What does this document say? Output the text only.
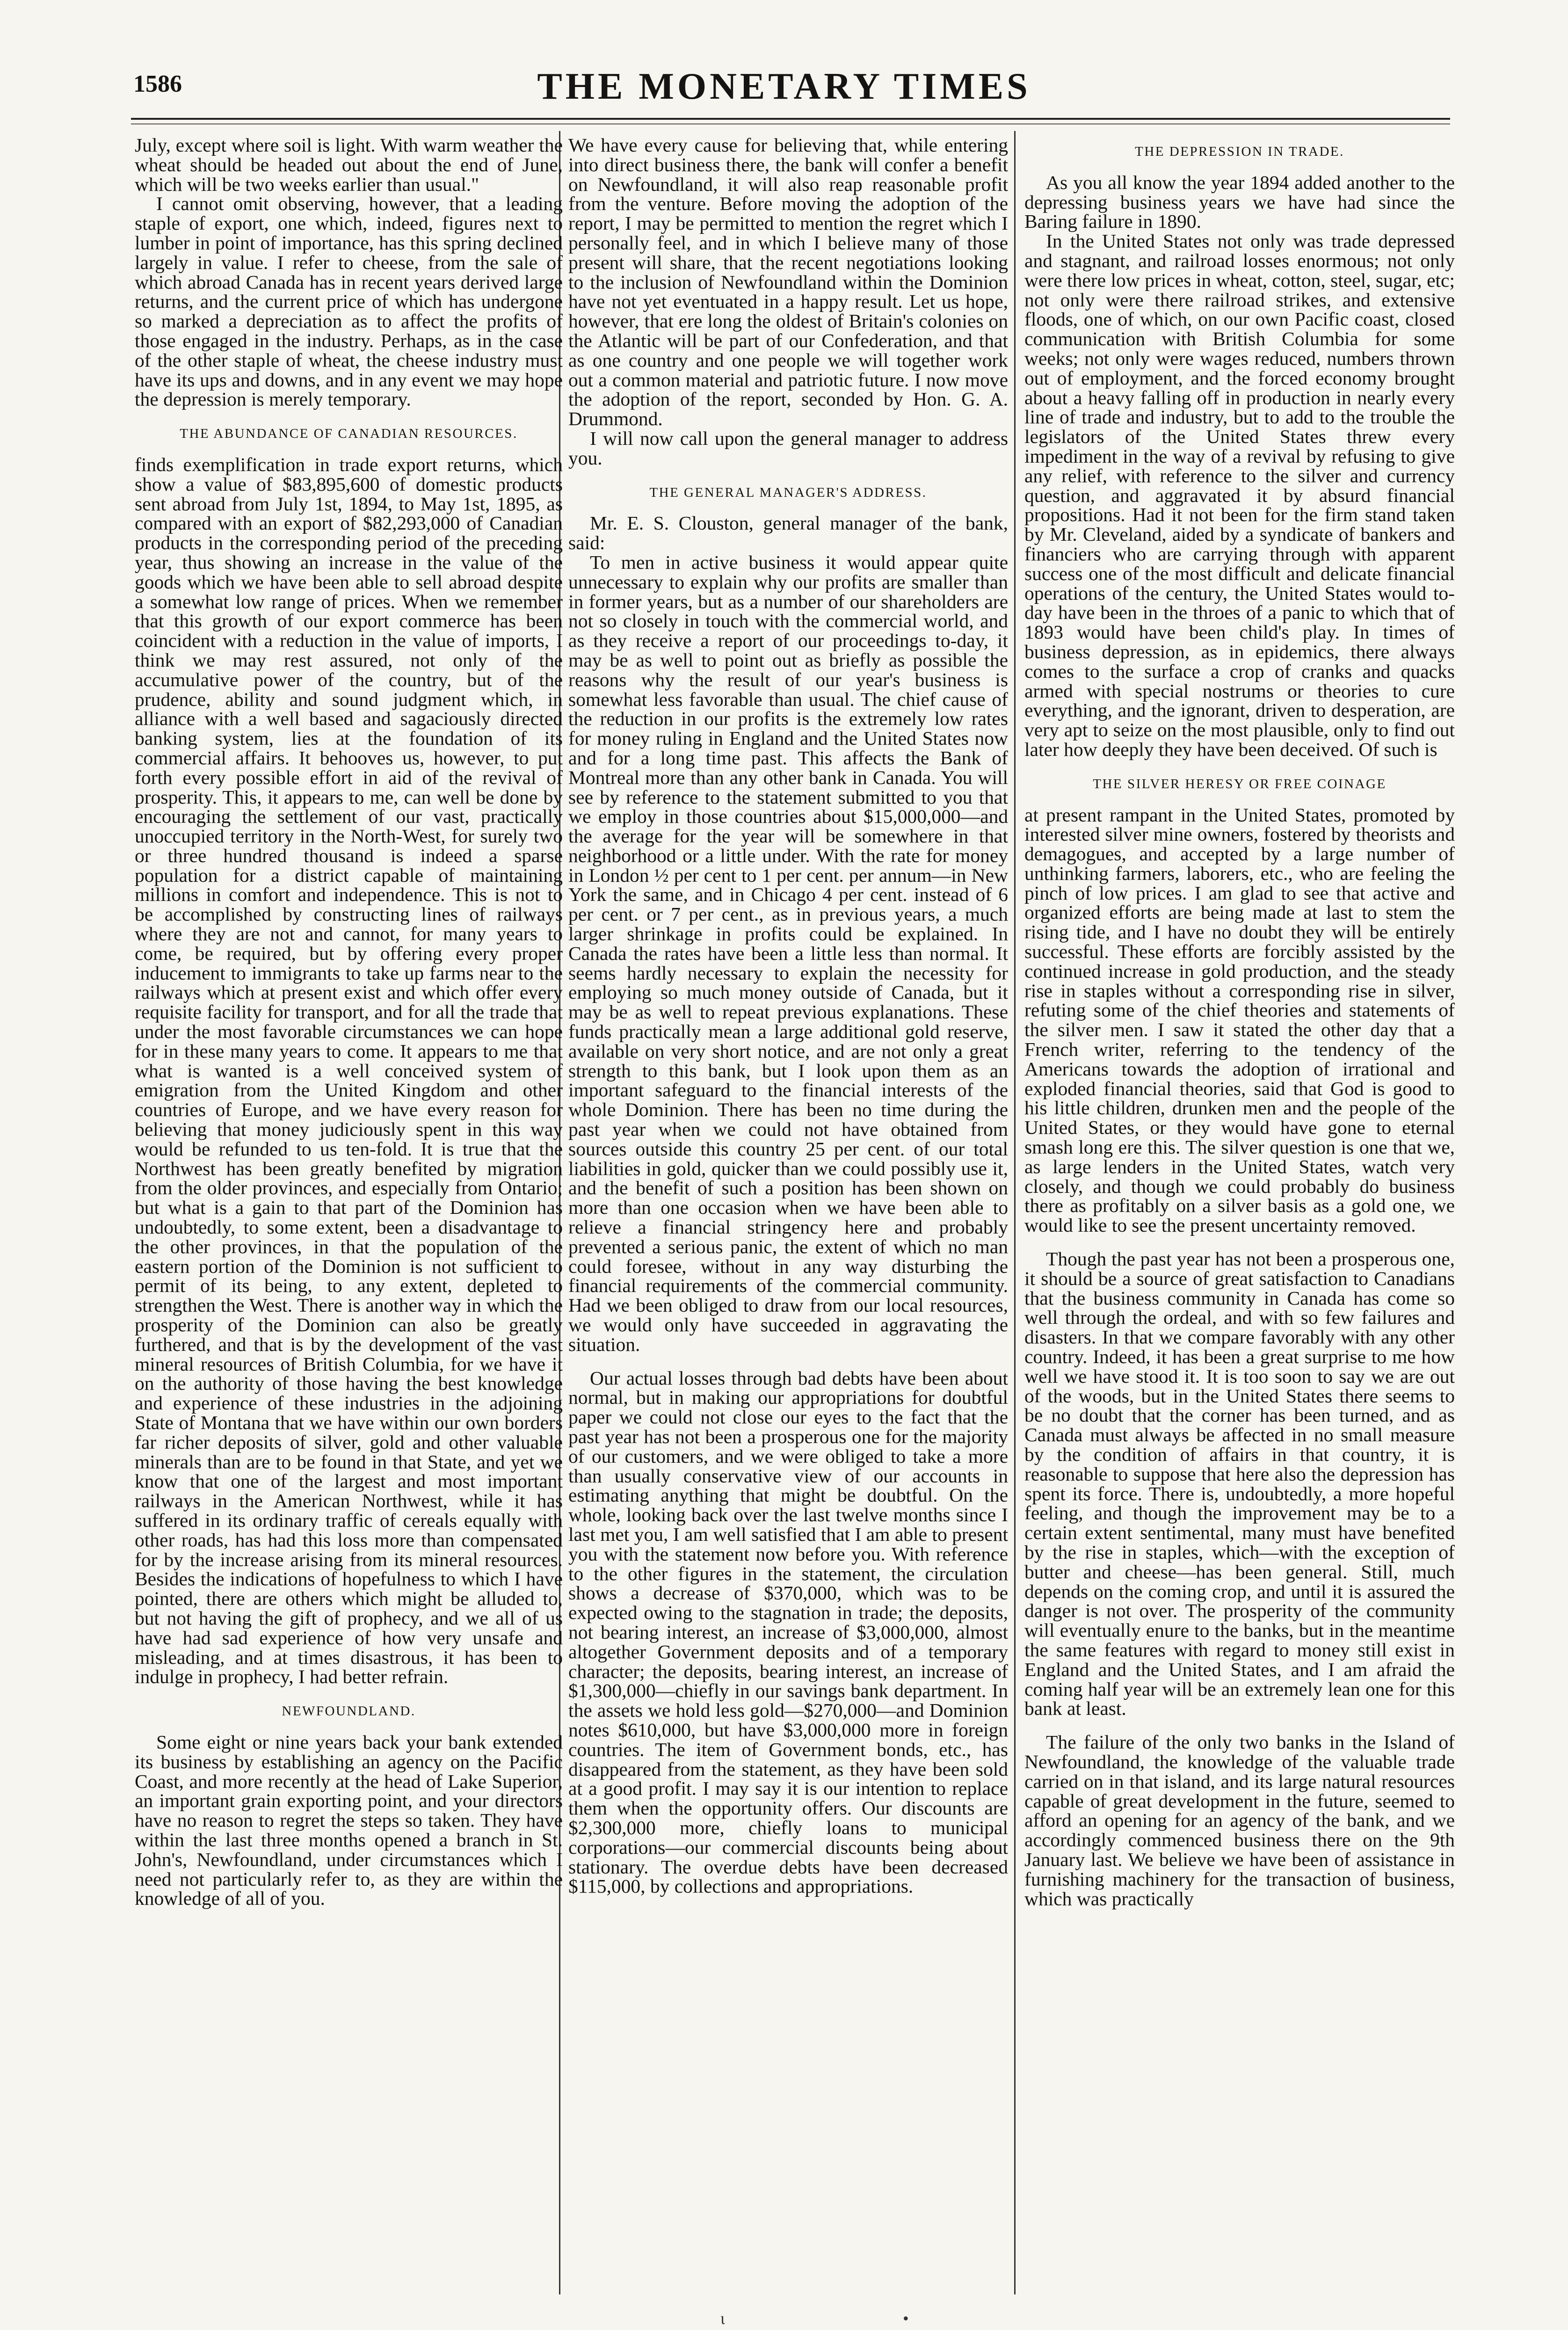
1586	THE MONETARY TIMES

July, except where soil is light. With warm weather the wheat should be headed out about the end of June, which will be two weeks earlier than usual."

I cannot omit observing, however, that a leading staple of export, one which, indeed, figures next to lumber in point of importance, has this spring declined largely in value. I refer to cheese, from the sale of which abroad Canada has in recent years derived large returns, and the current price of which has undergone so marked a depreciation as to affect the profits of those engaged in the industry. Perhaps, as in the case of the other staple of wheat, the cheese industry must have its ups and downs, and in any event we may hope the depression is merely temporary.

THE ABUNDANCE OF CANADIAN RESOURCES.

finds exemplification in trade export returns, which show a value of $83,895,600 of domestic products sent abroad from July 1st, 1894, to May 1st, 1895, as compared with an export of $82,293,000 of Canadian products in the corresponding period of the preceding year, thus showing an increase in the value of the goods which we have been able to sell abroad despite a somewhat low range of prices. When we remember that this growth of our export commerce has been coincident with a reduction in the value of imports, I think we may rest assured, not only of the accumulative power of the country, but of the prudence, ability and sound judgment which, in alliance with a well based and sagaciously directed banking system, lies at the foundation of its commercial affairs. It behooves us, however, to put forth every possible effort in aid of the revival of prosperity. This, it appears to me, can well be done by encouraging the settlement of our vast, practically unoccupied territory in the North-West, for surely two or three hundred thousand is indeed a sparse population for a district capable of maintaining millions in comfort and independence. This is not to be accomplished by constructing lines of railways where they are not and cannot, for many years to come, be required, but by offering every proper inducement to immigrants to take up farms near to the railways which at present exist and which offer every requisite facility for transport, and for all the trade that under the most favorable circumstances we can hope for in these many years to come. It appears to me that what is wanted is a well conceived system of emigration from the United Kingdom and other countries of Europe, and we have every reason for believing that money judiciously spent in this way would be refunded to us ten-fold. It is true that the Northwest has been greatly benefited by migration from the older provinces, and especially from Ontario; but what is a gain to that part of the Dominion has undoubtedly, to some extent, been a disadvantage to the other provinces, in that the population of the eastern portion of the Dominion is not sufficient to permit of its being, to any extent, depleted to strengthen the West. There is another way in which the prosperity of the Dominion can also be greatly furthered, and that is by the development of the vast mineral resources of British Columbia, for we have it on the authority of those having the best knowledge and experience of these industries in the adjoining State of Montana that we have within our own borders far richer deposits of silver, gold and other valuable minerals than are to be found in that State, and yet we know that one of the largest and most important railways in the American Northwest, while it has suffered in its ordinary traffic of cereals equally with other roads, has had this loss more than compensated for by the increase arising from its mineral resources. Besides the indications of hopefulness to which I have pointed, there are others which might be alluded to, but not having the gift of prophecy, and we all of us have had sad experience of how very unsafe and misleading, and at times disastrous, it has been to indulge in prophecy, I had better refrain.

NEWFOUNDLAND.

Some eight or nine years back your bank extended its business by establishing an agency on the Pacific Coast, and more recently at the head of Lake Superior, an important grain exporting point, and your directors have no reason to regret the steps so taken. They have within the last three months opened a branch in St. John's, Newfoundland, under circumstances which I need not particularly refer to, as they are within the knowledge of all of you.

We have every cause for believing that, while entering into direct business there, the bank will confer a benefit on Newfoundland, it will also reap reasonable profit from the venture. Before moving the adoption of the report, I may be permitted to mention the regret which I personally feel, and in which I believe many of those present will share, that the recent negotiations looking to the inclusion of Newfoundland within the Dominion have not yet eventuated in a happy result. Let us hope, however, that ere long the oldest of Britain's colonies on the Atlantic will be part of our Confederation, and that as one country and one people we will together work out a common material and patriotic future. I now move the adoption of the report, seconded by Hon. G. A. Drummond.

I will now call upon the general manager to address you.

THE GENERAL MANAGER'S ADDRESS.

Mr. E. S. Clouston, general manager of the bank, said:

To men in active business it would appear quite unnecessary to explain why our profits are smaller than in former years, but as a number of our shareholders are not so closely in touch with the commercial world, and as they receive a report of our proceedings to-day, it may be as well to point out as briefly as possible the reasons why the result of our year's business is somewhat less favorable than usual. The chief cause of the reduction in our profits is the extremely low rates for money ruling in England and the United States now and for a long time past. This affects the Bank of Montreal more than any other bank in Canada. You will see by reference to the statement submitted to you that we employ in those countries about $15,000,000—and the average for the year will be somewhere in that neighborhood or a little under. With the rate for money in London ½ per cent to 1 per cent. per annum—in New York the same, and in Chicago 4 per cent. instead of 6 per cent. or 7 per cent., as in previous years, a much larger shrinkage in profits could be explained. In Canada the rates have been a little less than normal. It seems hardly necessary to explain the necessity for employing so much money outside of Canada, but it may be as well to repeat previous explanations. These funds practically mean a large additional gold reserve, available on very short notice, and are not only a great strength to this bank, but I look upon them as an important safeguard to the financial interests of the whole Dominion. There has been no time during the past year when we could not have obtained from sources outside this country 25 per cent. of our total liabilities in gold, quicker than we could possibly use it, and the benefit of such a position has been shown on more than one occasion when we have been able to relieve a financial stringency here and probably prevented a serious panic, the extent of which no man could foresee, without in any way disturbing the financial requirements of the commercial community. Had we been obliged to draw from our local resources, we would only have succeeded in aggravating the situation.

Our actual losses through bad debts have been about normal, but in making our appropriations for doubtful paper we could not close our eyes to the fact that the past year has not been a prosperous one for the majority of our customers, and we were obliged to take a more than usually conservative view of our accounts in estimating anything that might be doubtful. On the whole, looking back over the last twelve months since I last met you, I am well satisfied that I am able to present you with the statement now before you. With reference to the other figures in the statement, the circulation shows a decrease of $370,000, which was to be expected owing to the stagnation in trade; the deposits, not bearing interest, an increase of $3,000,000, almost altogether Government deposits and of a temporary character; the deposits, bearing interest, an increase of $1,300,000—chiefly in our savings bank department. In the assets we hold less gold—$270,000—and Dominion notes $610,000, but have $3,000,000 more in foreign countries. The item of Government bonds, etc., has disappeared from the statement, as they have been sold at a good profit. I may say it is our intention to replace them when the opportunity offers. Our discounts are $2,300,000 more, chiefly loans to municipal corporations—our commercial discounts being about stationary. The overdue debts have been decreased $115,000, by collections and appropriations.

THE DEPRESSION IN TRADE.

As you all know the year 1894 added another to the depressing business years we have had since the Baring failure in 1890.

In the United States not only was trade depressed and stagnant, and railroad losses enormous; not only were there low prices in wheat, cotton, steel, sugar, etc; not only were there railroad strikes, and extensive floods, one of which, on our own Pacific coast, closed communication with British Columbia for some weeks; not only were wages reduced, numbers thrown out of employment, and the forced economy brought about a heavy falling off in production in nearly every line of trade and industry, but to add to the trouble the legislators of the United States threw every impediment in the way of a revival by refusing to give any relief, with reference to the silver and currency question, and aggravated it by absurd financial propositions. Had it not been for the firm stand taken by Mr. Cleveland, aided by a syndicate of bankers and financiers who are carrying through with apparent success one of the most difficult and delicate financial operations of the century, the United States would to-day have been in the throes of a panic to which that of 1893 would have been child's play. In times of business depression, as in epidemics, there always comes to the surface a crop of cranks and quacks armed with special nostrums or theories to cure everything, and the ignorant, driven to desperation, are very apt to seize on the most plausible, only to find out later how deeply they have been deceived. Of such is

THE SILVER HERESY OR FREE COINAGE

at present rampant in the United States, promoted by interested silver mine owners, fostered by theorists and demagogues, and accepted by a large number of unthinking farmers, laborers, etc., who are feeling the pinch of low prices. I am glad to see that active and organized efforts are being made at last to stem the rising tide, and I have no doubt they will be entirely successful. These efforts are forcibly assisted by the continued increase in gold production, and the steady rise in staples without a corresponding rise in silver, refuting some of the chief theories and statements of the silver men. I saw it stated the other day that a French writer, referring to the tendency of the Americans towards the adoption of irrational and exploded financial theories, said that God is good to his little children, drunken men and the people of the United States, or they would have gone to eternal smash long ere this. The silver question is one that we, as large lenders in the United States, watch very closely, and though we could probably do business there as profitably on a silver basis as a gold one, we would like to see the present uncertainty removed.

Though the past year has not been a prosperous one, it should be a source of great satisfaction to Canadians that the business community in Canada has come so well through the ordeal, and with so few failures and disasters. In that we compare favorably with any other country. Indeed, it has been a great surprise to me how well we have stood it. It is too soon to say we are out of the woods, but in the United States there seems to be no doubt that the corner has been turned, and as Canada must always be affected in no small measure by the condition of affairs in that country, it is reasonable to suppose that here also the depression has spent its force. There is, undoubtedly, a more hopeful feeling, and though the improvement may be to a certain extent sentimental, many must have benefited by the rise in staples, which—with the exception of butter and cheese—has been general. Still, much depends on the coming crop, and until it is assured the danger is not over. The prosperity of the community will eventually enure to the banks, but in the meantime the same features with regard to money still exist in England and the United States, and I am afraid the coming half year will be an extremely lean one for this bank at least.

The failure of the only two banks in the Island of Newfoundland, the knowledge of the valuable trade carried on in that island, and its large natural resources capable of great development in the future, seemed to afford an opening for an agency of the bank, and we accordingly commenced business there on the 9th January last. We believe we have been of assistance in furnishing machinery for the transaction of business, which was practically

ι	•
